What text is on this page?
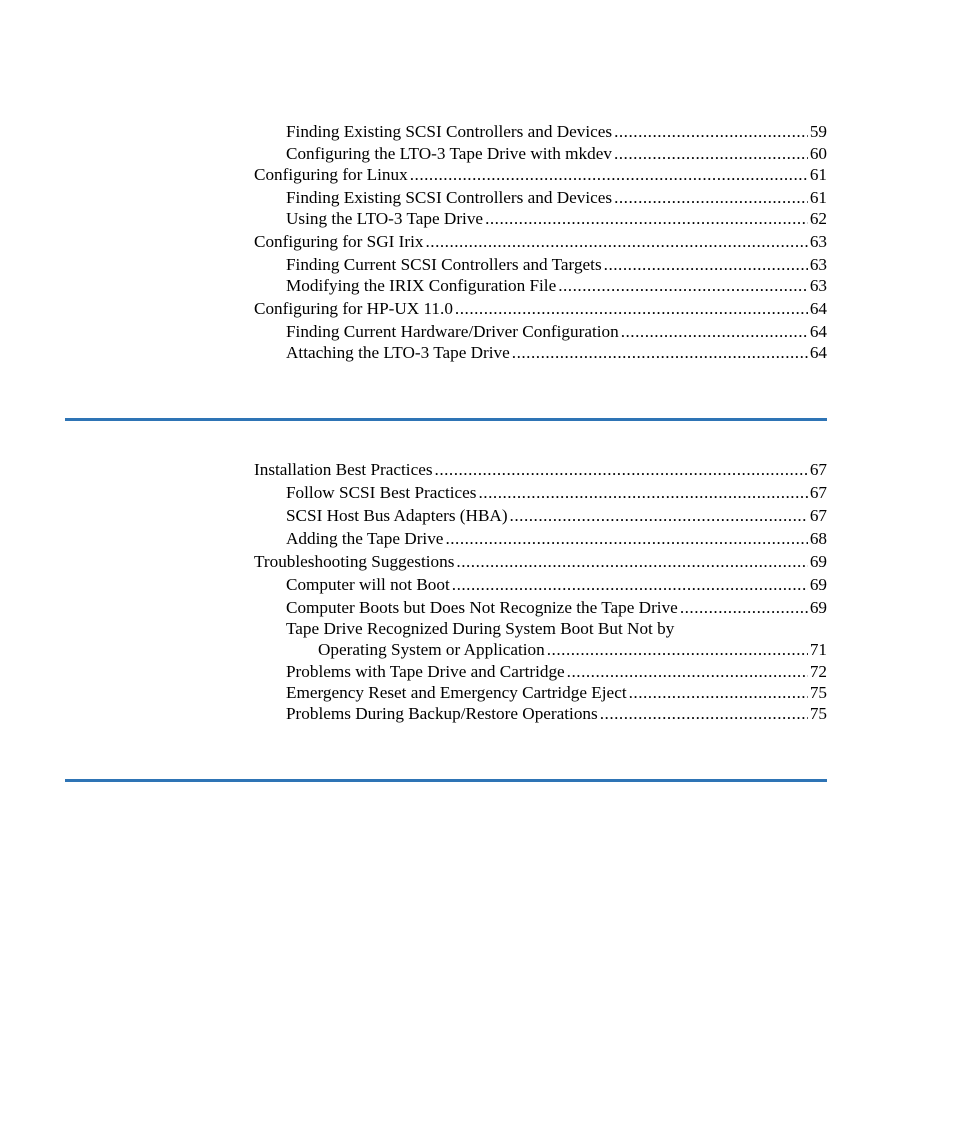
Finding Existing SCSI Controllers and Devices .....	59
Configuring the LTO-3 Tape Drive with mkdev .....	60
Configuring for Linux .....	61
Finding Existing SCSI Controllers and Devices .....	61
Using the LTO-3 Tape Drive .....	62
Configuring for SGI Irix .....	63
Finding Current SCSI Controllers and Targets .....	63
Modifying the IRIX Configuration File .....	63
Configuring for HP-UX 11.0 .....	64
Finding Current Hardware/Driver Configuration .....	64
Attaching the LTO-3 Tape Drive .....	64
Installation Best Practices .....	67
Follow SCSI Best Practices .....	67
SCSI Host Bus Adapters (HBA) .....	67
Adding the Tape Drive .....	68
Troubleshooting Suggestions .....	69
Computer will not Boot .....	69
Computer Boots but Does Not Recognize the Tape Drive .....	69
Tape Drive Recognized During System Boot But Not by
Operating System or Application .....	71
Problems with Tape Drive and Cartridge .....	72
Emergency Reset and Emergency Cartridge Eject .....	75
Problems During Backup/Restore Operations .....	75
